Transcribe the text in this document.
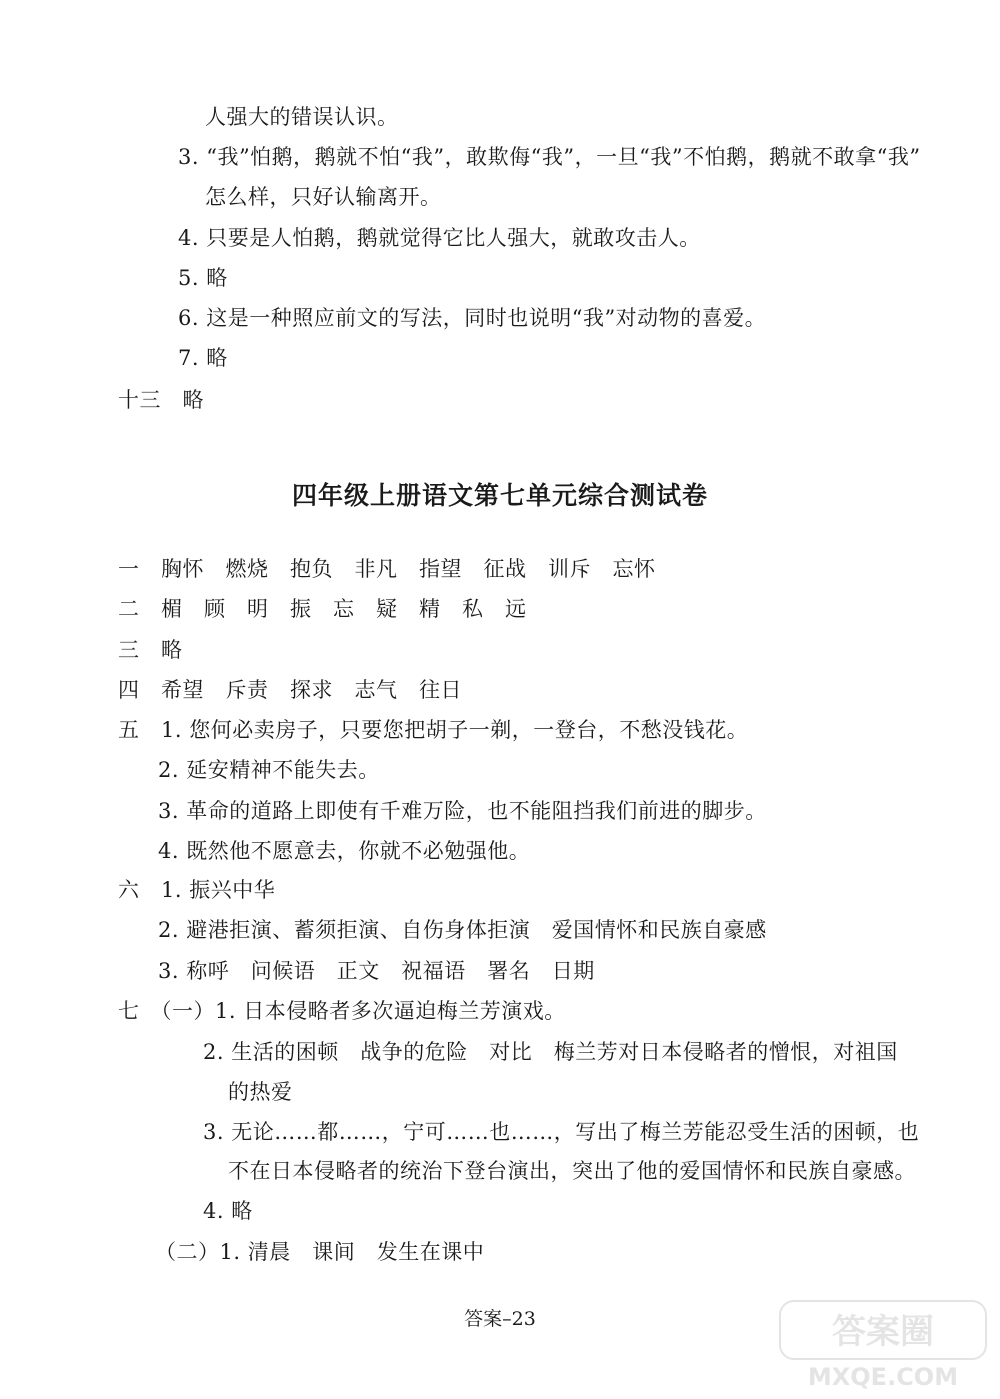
人强大的错误认识。
3. “我”怕鹅，鹅就不怕“我”，敢欺侮“我”，一旦“我”不怕鹅，鹅就不敢拿“我”
怎么样，只好认输离开。
4. 只要是人怕鹅，鹅就觉得它比人强大，就敢攻击人。
5. 略
6. 这是一种照应前文的写法，同时也说明“我”对动物的喜爱。
7. 略
十三　略
四年级上册语文第七单元综合测试卷
一　胸怀　燃烧　抱负　非凡　指望　征战　训斥　忘怀
二　楣　顾　明　振　忘　疑　精　私　远
三　略
四　希望　斥责　探求　志气　往日
五　1. 您何必卖房子，只要您把胡子一剃，一登台，不愁没钱花。
2. 延安精神不能失去。
3. 革命的道路上即使有千难万险，也不能阻挡我们前进的脚步。
4. 既然他不愿意去，你就不必勉强他。
六　1. 振兴中华
2. 避港拒演、蓄须拒演、自伤身体拒演　爱国情怀和民族自豪感
3. 称呼　问候语　正文　祝福语　署名　日期
七　（一）1. 日本侵略者多次逼迫梅兰芳演戏。
2. 生活的困顿　战争的危险　对比　梅兰芳对日本侵略者的憎恨，对祖国
的热爱
3. 无论……都……，宁可……也……，写出了梅兰芳能忍受生活的困顿，也
不在日本侵略者的统治下登台演出，突出了他的爱国情怀和民族自豪感。
4. 略
（二）1. 清晨　课间　发生在课中
答案–23	答案圈
MXQE.COM
